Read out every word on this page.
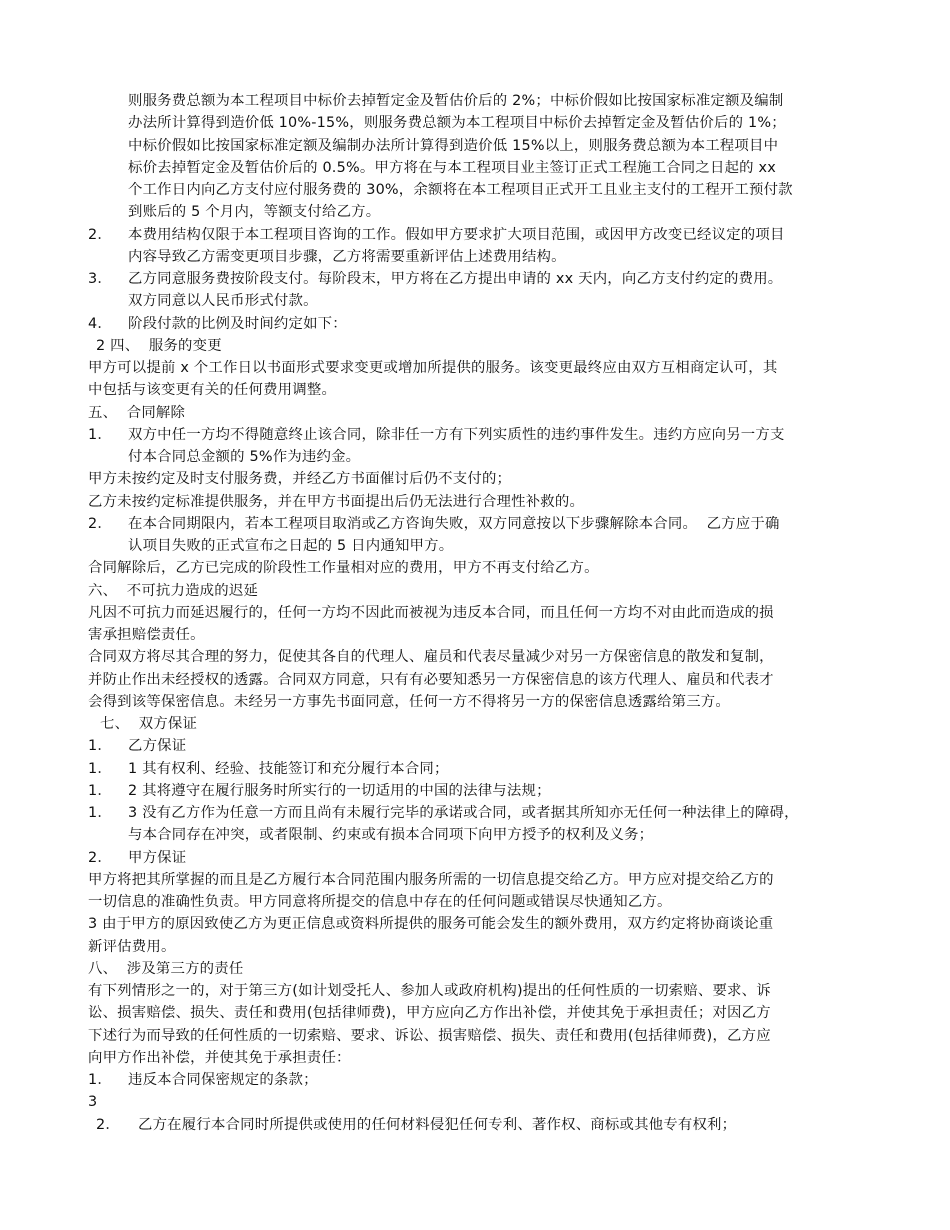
则服务费总额为本工程项目中标价去掉暂定金及暂估价后的 2%；中标价假如比按国家标准定额及编制
办法所计算得到造价低 10%-15%，则服务费总额为本工程项目中标价去掉暂定金及暂估价后的 1%；
中标价假如比按国家标准定额及编制办法所计算得到造价低 15%以上，则服务费总额为本工程项目中
标价去掉暂定金及暂估价后的 0.5%。甲方将在与本工程项目业主签订正式工程施工合同之日起的 xx
个工作日内向乙方支付应付服务费的 30%，余额将在本工程项目正式开工且业主支付的工程开工预付款
到账后的 5 个月内，等额支付给乙方。
2． 本费用结构仅限于本工程项目咨询的工作。假如甲方要求扩大项目范围，或因甲方改变已经议定的项目
内容导致乙方需变更项目步骤，乙方将需要重新评估上述费用结构。
3． 乙方同意服务费按阶段支付。每阶段末，甲方将在乙方提出申请的 xx 天内，向乙方支付约定的费用。
双方同意以人民币形式付款。
4． 阶段付款的比例及时间约定如下：
2 四、  服务的变更
甲方可以提前 x 个工作日以书面形式要求变更或增加所提供的服务。该变更最终应由双方互相商定认可，其
中包括与该变更有关的任何费用调整。
五、  合同解除
1． 双方中任一方均不得随意终止该合同，除非任一方有下列实质性的违约事件发生。违约方应向另一方支
付本合同总金额的 5%作为违约金。
甲方未按约定及时支付服务费，并经乙方书面催讨后仍不支付的；
乙方未按约定标准提供服务，并在甲方书面提出后仍无法进行合理性补救的。
2． 在本合同期限内，若本工程项目取消或乙方咨询失败，双方同意按以下步骤解除本合同。  乙方应于确
认项目失败的正式宣布之日起的 5 日内通知甲方。
合同解除后，乙方已完成的阶段性工作量相对应的费用，甲方不再支付给乙方。
六、  不可抗力造成的迟延
凡因不可抗力而延迟履行的，任何一方均不因此而被视为违反本合同，而且任何一方均不对由此而造成的损
害承担赔偿责任。
合同双方将尽其合理的努力，促使其各自的代理人、雇员和代表尽量减少对另一方保密信息的散发和复制，
并防止作出未经授权的透露。合同双方同意，只有有必要知悉另一方保密信息的该方代理人、雇员和代表才
会得到该等保密信息。未经另一方事先书面同意，任何一方不得将另一方的保密信息透露给第三方。
七、  双方保证
1． 乙方保证
1． 1 其有权利、经验、技能签订和充分履行本合同；
1． 2 其将遵守在履行服务时所实行的一切适用的中国的法律与法规；
1． 3 没有乙方作为任意一方而且尚有未履行完毕的承诺或合同，或者据其所知亦无任何一种法律上的障碍，
与本合同存在冲突，或者限制、约束或有损本合同项下向甲方授予的权利及义务；
2． 甲方保证
甲方将把其所掌握的而且是乙方履行本合同范围内服务所需的一切信息提交给乙方。甲方应对提交给乙方的
一切信息的准确性负责。甲方同意将所提交的信息中存在的任何问题或错误尽快通知乙方。
3 由于甲方的原因致使乙方为更正信息或资料所提供的服务可能会发生的额外费用，双方约定将协商谈论重
新评估费用。
八、  涉及第三方的责任
有下列情形之一的，对于第三方(如计划受托人、参加人或政府机构)提出的任何性质的一切索赔、要求、诉
讼、损害赔偿、损失、责任和费用(包括律师费)，甲方应向乙方作出补偿，并使其免于承担责任；对因乙方
下述行为而导致的任何性质的一切索赔、要求、诉讼、损害赔偿、损失、责任和费用(包括律师费)，乙方应
向甲方作出补偿，并使其免于承担责任：
1． 违反本合同保密规定的条款；
3
2． 乙方在履行本合同时所提供或使用的任何材料侵犯任何专利、著作权、商标或其他专有权利；
